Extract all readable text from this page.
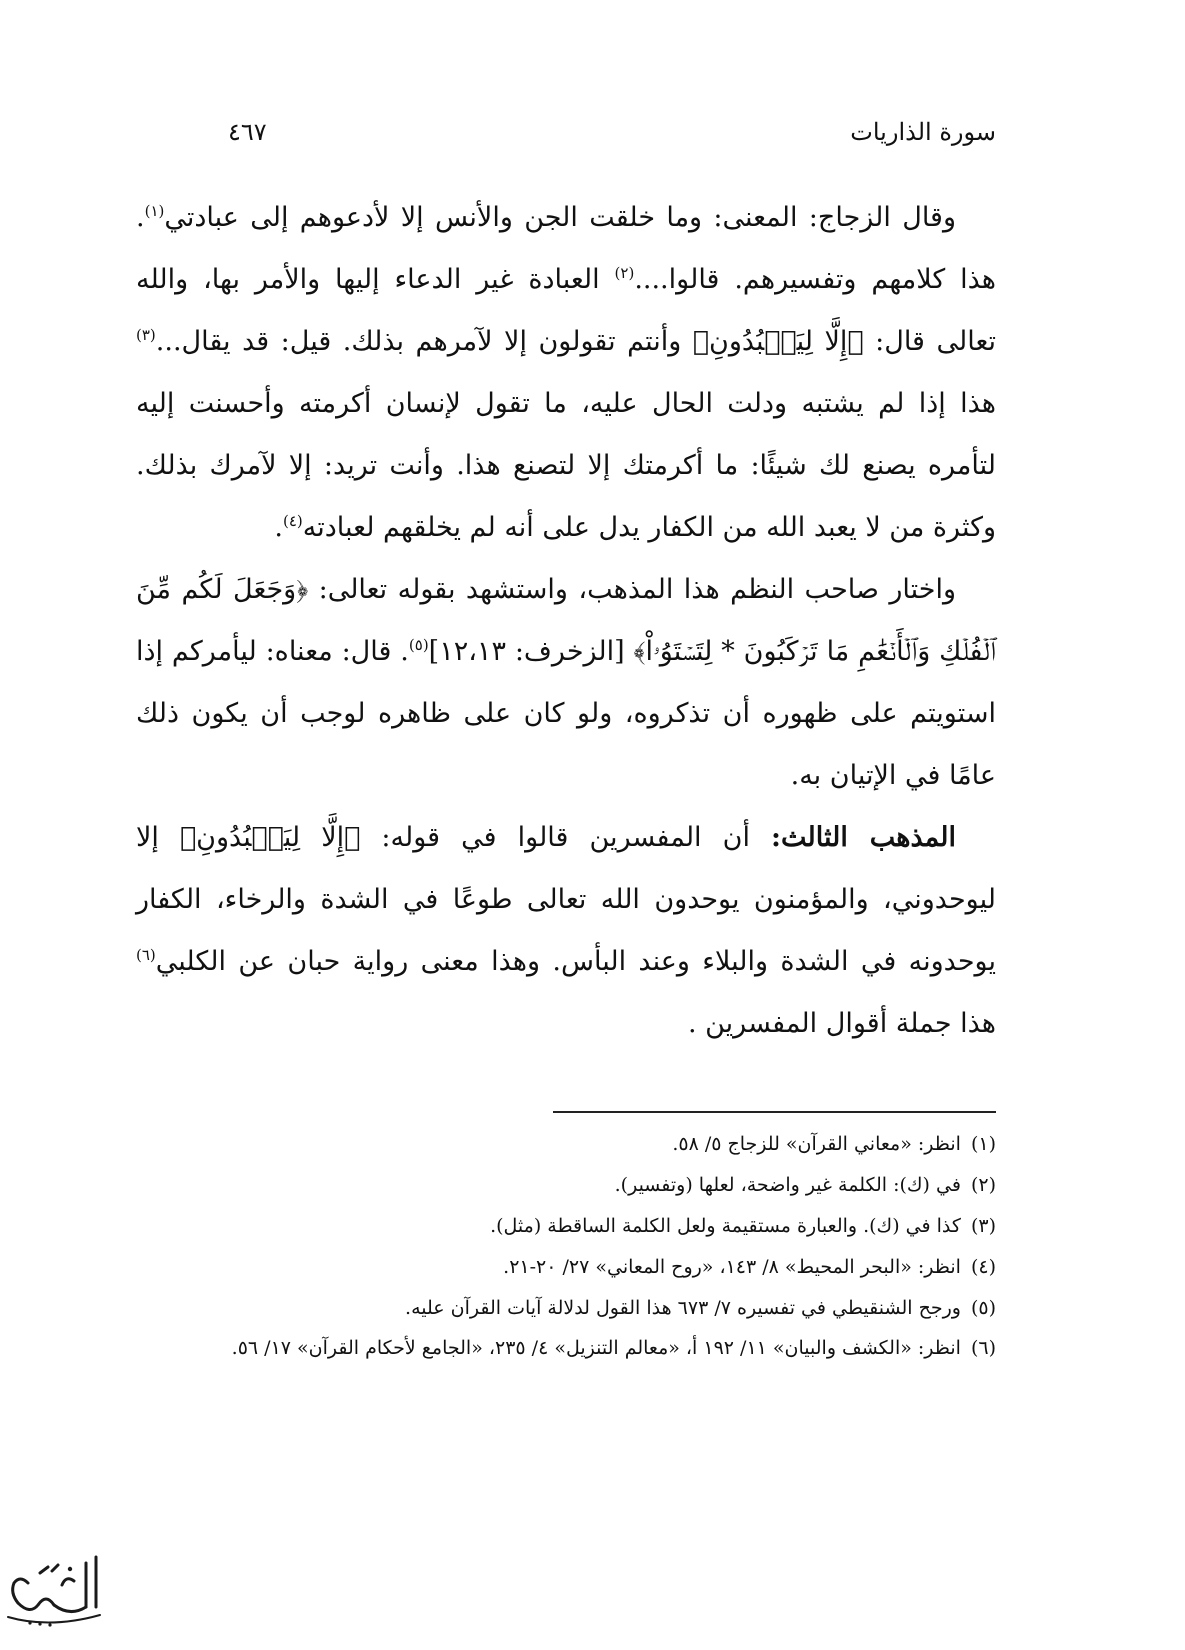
سورة الذاريات
٤٦٧

وقال الزجاج: المعنى: وما خلقت الجن والأنس إلا لأدعوهم إلى عبادتي$^{(١)}$. هذا كلامهم وتفسيرهم. قالوا....$^{(٢)}$ العبادة غير الدعاء إليها والأمر بها، والله تعالى قال: ﴿إِلَّا لِيَعۡبُدُونِ﴾ وأنتم تقولون إلا لآمرهم بذلك. قيل: قد يقال...$^{(٣)}$ هذا إذا لم يشتبه ودلت الحال عليه، ما تقول لإنسان أكرمته وأحسنت إليه لتأمره يصنع لك شيئًا: ما أكرمتك إلا لتصنع هذا. وأنت تريد: إلا لآمرك بذلك. وكثرة من لا يعبد الله من الكفار يدل على أنه لم يخلقهم لعبادته$^{(٤)}$.

واختار صاحب النظم هذا المذهب، واستشهد بقوله تعالى: ﴿وَجَعَلَ لَكُم مِّنَ ٱلۡفُلۡكِ وَٱلۡأَنۡعَٰمِ مَا تَرۡكَبُونَ * لِتَسۡتَوُۥاْ﴾ [الزخرف: ١٢،١٣]$^{(٥)}$. قال: معناه: ليأمركم إذا استويتم على ظهوره أن تذكروه، ولو كان على ظاهره لوجب أن يكون ذلك عامًا في الإتيان به.

المذهب الثالث: أن المفسرين قالوا في قوله: ﴿إِلَّا لِيَعۡبُدُونِ﴾ إلا ليوحدوني، والمؤمنون يوحدون الله تعالى طوعًا في الشدة والرخاء، الكفار يوحدونه في الشدة والبلاء وعند البأس. وهذا معنى رواية حبان عن الكلبي$^{(٦)}$ هذا جملة أقوال المفسرين .

(١)انظر: «معاني القرآن» للزجاج ٥/ ٥٨.
(٢)في (ك): الكلمة غير واضحة، لعلها (وتفسير).
(٣)كذا في (ك). والعبارة مستقيمة ولعل الكلمة الساقطة (مثل).
(٤)انظر: «البحر المحيط» ٨/ ١٤٣، «روح المعاني» ٢٧/ ٢٠-٢١.
(٥)ورجح الشنقيطي في تفسيره ٧/ ٦٧٣ هذا القول لدلالة آيات القرآن عليه.
(٦)انظر: «الكشف والبيان» ١١/ ١٩٢ أ، «معالم التنزيل» ٤/ ٢٣٥، «الجامع لأحكام القرآن» ١٧/ ٥٦.
